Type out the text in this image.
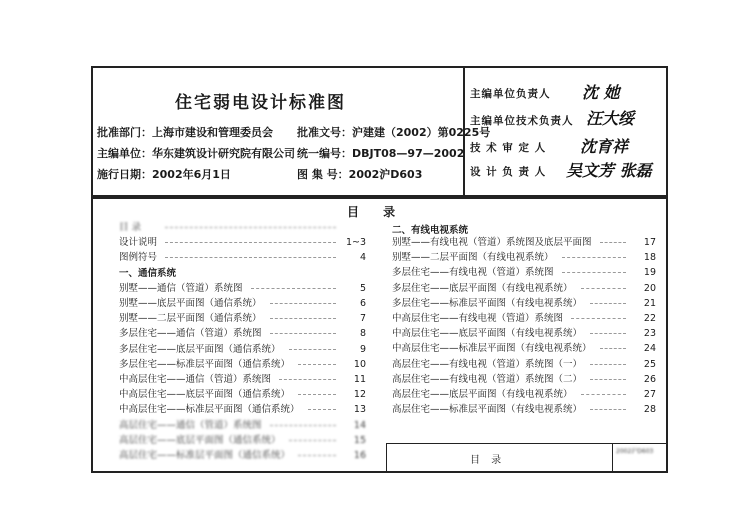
住宅弱电设计标准图
批准部门：上海市建设和管理委员会 批准文号：沪建建（2002）第0225号
主编单位：华东建筑设计研究院有限公司 统一编号：DBJT08—97—2002
施行日期：2002年6月1日	图 集 号：2002沪D603
主编单位负责人 沈 她
主编单位技术负责人 汪大绥
技 术 审 定 人 沈育祥
设 计 负 责 人 吴文芳 张磊
目 录
二、有线电视系统
目 录
设计说明	1~3
图例符号	4
一、通信系统
别墅——通信（管道）系统图	5
别墅——底层平面图（通信系统）	6
别墅——二层平面图（通信系统）	7
多层住宅——通信（管道）系统图	8
多层住宅——底层平面图（通信系统）	9
多层住宅——标准层平面图（通信系统）	10
中高层住宅——通信（管道）系统图	11
中高层住宅——底层平面图（通信系统）	12
中高层住宅——标准层平面图（通信系统）	13
高层住宅——通信（管道）系统图	14
高层住宅——底层平面图（通信系统）	15
高层住宅——标准层平面图（通信系统）	16
别墅——有线电视（管道）系统图及底层平面图	17
别墅——二层平面图（有线电视系统）	18
多层住宅——有线电视（管道）系统图	19
多层住宅——底层平面图（有线电视系统）	20
多层住宅——标准层平面图（有线电视系统）	21
中高层住宅——有线电视（管道）系统图	22
中高层住宅——底层平面图（有线电视系统）	23
中高层住宅——标准层平面图（有线电视系统）	24
高层住宅——有线电视（管道）系统图（一）	25
高层住宅——有线电视（管道）系统图（二）	26
高层住宅——底层平面图（有线电视系统）	27
高层住宅——标准层平面图（有线电视系统）	28
目 录
2002沪D603
